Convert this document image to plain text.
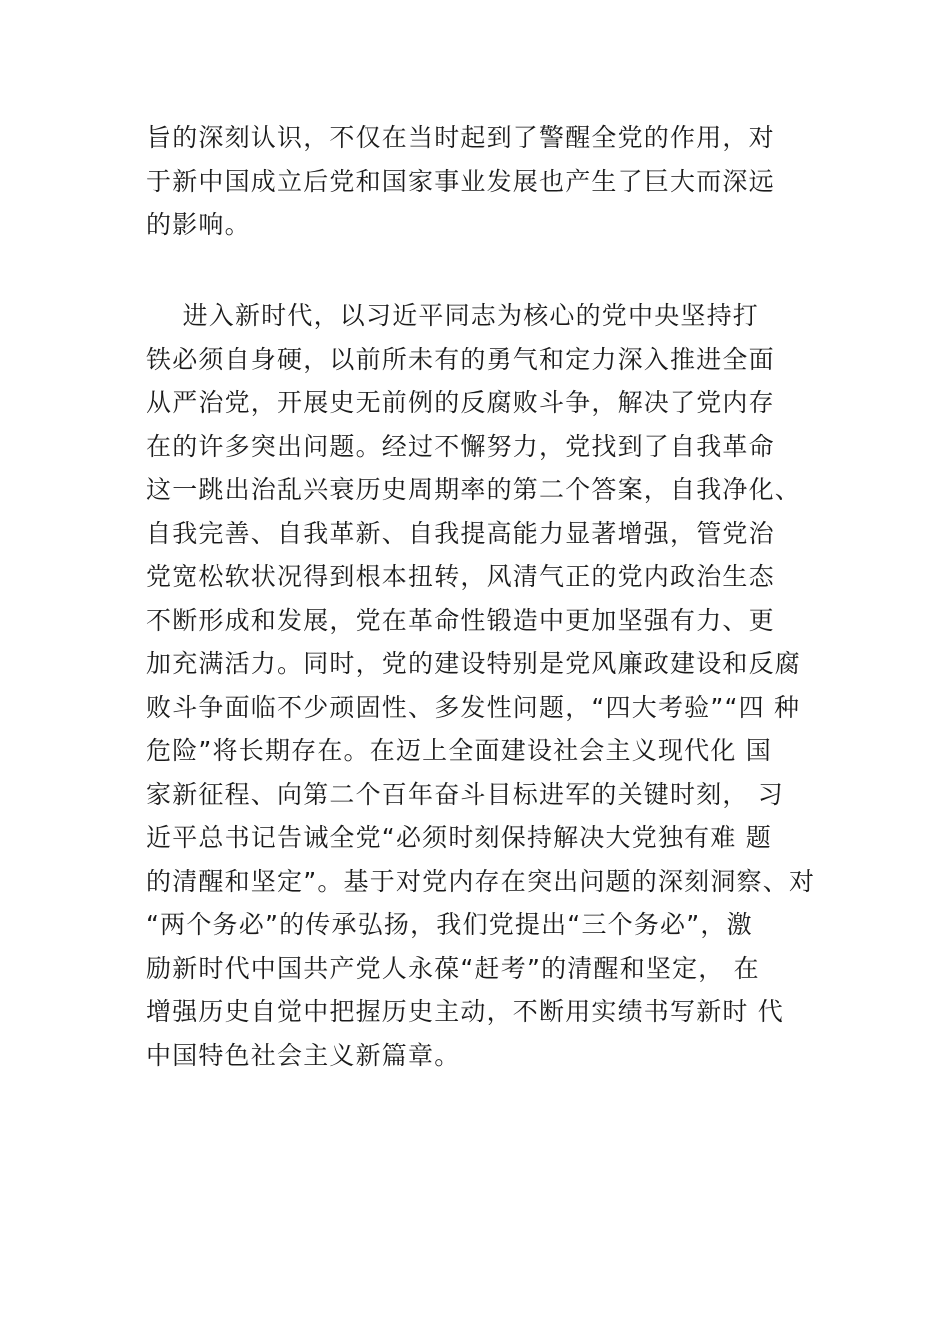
旨的深刻认识，不仅在当时起到了警醒全党的作用，对
于新中国成立后党和国家事业发展也产生了巨大而深远
的影响。
进入新时代，以习近平同志为核心的党中央坚持打
铁必须自身硬，以前所未有的勇气和定力深入推进全面
从严治党，开展史无前例的反腐败斗争，解决了党内存
在的许多突出问题。经过不懈努力，党找到了自我革命
这一跳出治乱兴衰历史周期率的第二个答案，自我净化、
自我完善、自我革新、自我提高能力显著增强，管党治
党宽松软状况得到根本扭转，风清气正的党内政治生态
不断形成和发展，党在革命性锻造中更加坚强有力、更
加充满活力。同时，党的建设特别是党风廉政建设和反腐
败斗争面临不少顽固性、多发性问题，“四大考验”“四 种
危险”将长期存在。在迈上全面建设社会主义现代化 国
家新征程、向第二个百年奋斗目标进军的关键时刻， 习
近平总书记告诫全党“必须时刻保持解决大党独有难 题
的清醒和坚定”。基于对党内存在突出问题的深刻洞察、对
“两个务必”的传承弘扬，我们党提出“三个务必”，激
励新时代中国共产党人永葆“赶考”的清醒和坚定， 在
增强历史自觉中把握历史主动，不断用实绩书写新时 代
中国特色社会主义新篇章。
